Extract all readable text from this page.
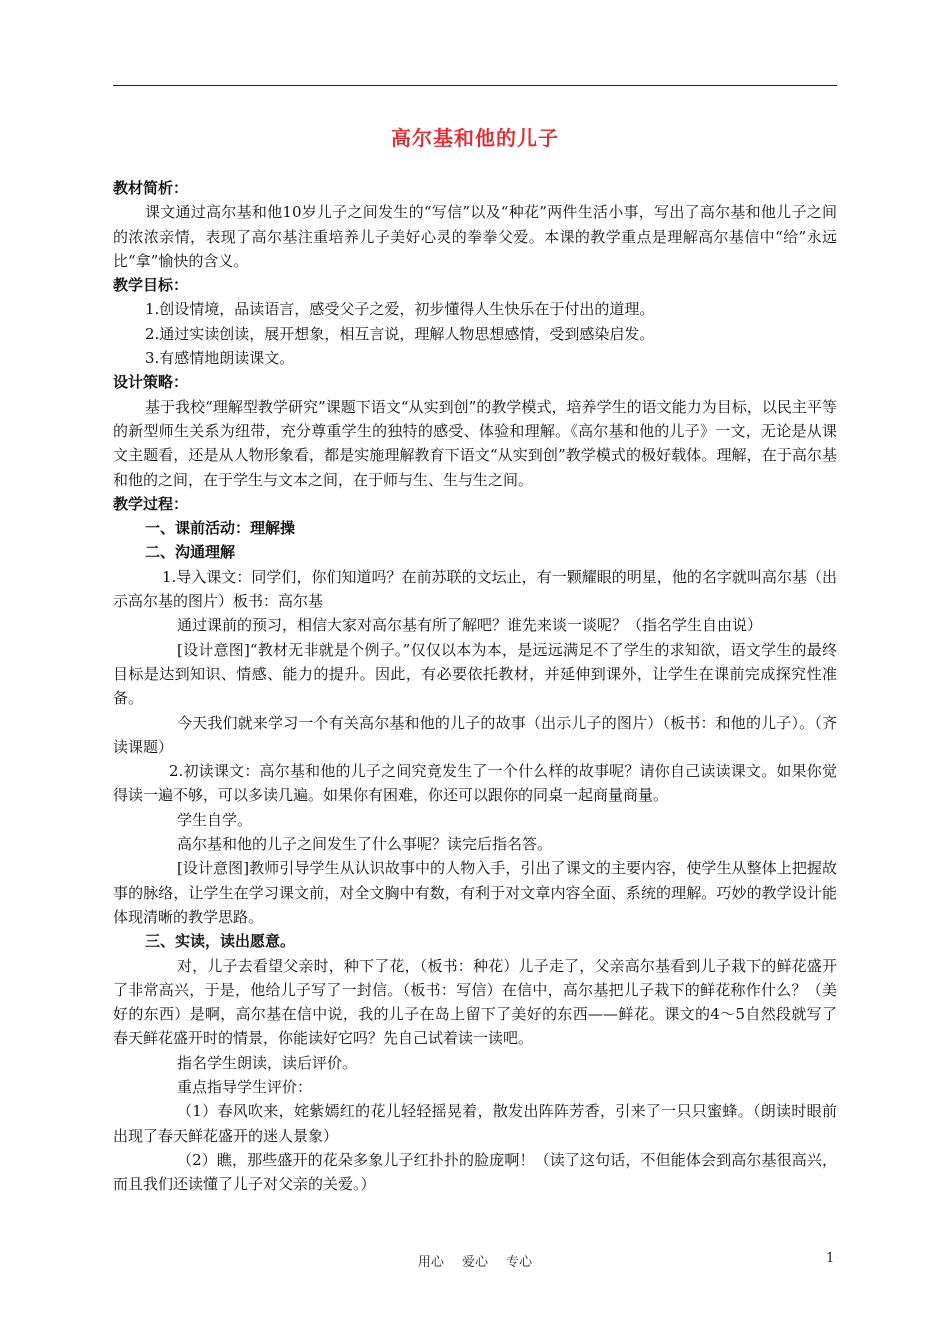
高尔基和他的儿子

教材简析：

课文通过高尔基和他10岁儿子之间发生的“写信”以及“种花”两件生活小事，写出了高尔基和他儿子之间的浓浓亲情，表现了高尔基注重培养儿子美好心灵的拳拳父爱。本课的教学重点是理解高尔基信中“给”永远比“拿”愉快的含义。

教学目标：

1.创设情境，品读语言，感受父子之爱，初步懂得人生快乐在于付出的道理。

2.通过实读创读，展开想象，相互言说，理解人物思想感情，受到感染启发。

3.有感情地朗读课文。

设计策略：

基于我校“理解型教学研究”课题下语文“从实到创”的教学模式，培养学生的语文能力为目标，以民主平等的新型师生关系为纽带，充分尊重学生的独特的感受、体验和理解。《高尔基和他的儿子》一文，无论是从课文主题看，还是从人物形象看，都是实施理解教育下语文“从实到创”教学模式的极好载体。理解，在于高尔基和他的之间，在于学生与文本之间，在于师与生、生与生之间。

教学过程：

一、课前活动：理解操

二、沟通理解

1.导入课文：同学们，你们知道吗？在前苏联的文坛止，有一颗耀眼的明星，他的名字就叫高尔基（出示高尔基的图片）板书：高尔基

通过课前的预习，相信大家对高尔基有所了解吧？谁先来谈一谈呢？（指名学生自由说）

[设计意图]“教材无非就是个例子。”仅仅以本为本，是远远满足不了学生的求知欲，语文学生的最终目标是达到知识、情感、能力的提升。因此，有必要依托教材，并延伸到课外，让学生在课前完成探究性准备。

今天我们就来学习一个有关高尔基和他的儿子的故事（出示儿子的图片）（板书：和他的儿子）。（齐读课题）

2.初读课文：高尔基和他的儿子之间究竟发生了一个什么样的故事呢？请你自己读读课文。如果你觉得读一遍不够，可以多读几遍。如果你有困难，你还可以跟你的同桌一起商量商量。

学生自学。

高尔基和他的儿子之间发生了什么事呢？读完后指名答。

[设计意图]教师引导学生从认识故事中的人物入手，引出了课文的主要内容，使学生从整体上把握故事的脉络，让学生在学习课文前，对全文胸中有数，有利于对文章内容全面、系统的理解。巧妙的教学设计能体现清晰的教学思路。

三、实读，读出愿意。

对，儿子去看望父亲时，种下了花，（板书：种花）儿子走了，父亲高尔基看到儿子栽下的鲜花盛开了非常高兴，于是，他给儿子写了一封信。（板书：写信）在信中，高尔基把儿子栽下的鲜花称作什么？（美好的东西）是啊，高尔基在信中说，我的儿子在岛上留下了美好的东西——鲜花。课文的4～5自然段就写了春天鲜花盛开时的情景，你能读好它吗？先自己试着读一读吧。

指名学生朗读，读后评价。

重点指导学生评价：

（1）春风吹来，姹紫嫣红的花儿轻轻摇晃着，散发出阵阵芳香，引来了一只只蜜蜂。（朗读时眼前出现了春天鲜花盛开的迷人景象）

（2）瞧，那些盛开的花朵多象儿子红扑扑的脸庞啊！（读了这句话，不但能体会到高尔基很高兴，而且我们还读懂了儿子对父亲的关爱。）

用心 爱心 专心	1
